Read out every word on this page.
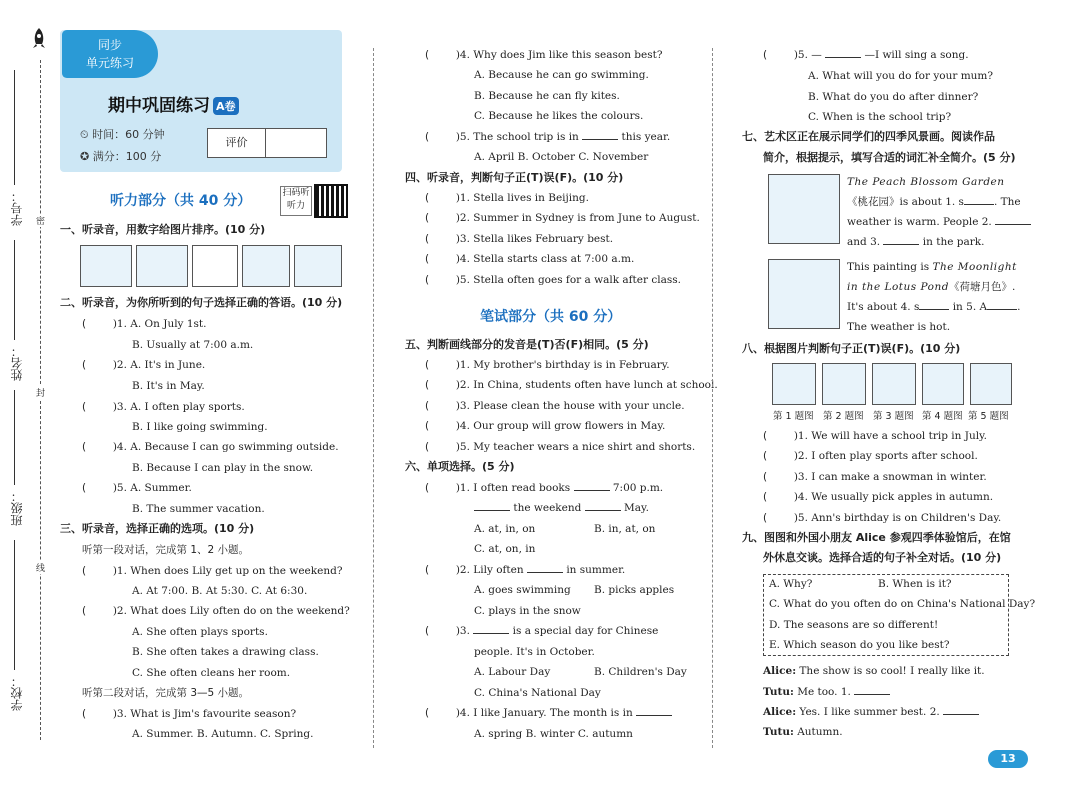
学号：
姓名：
班级：
学校：
密
封
线
同步
单元练习
期中巩固练习 A卷
⏲ 时间：60 分钟
✪ 满分：100 分
评价
听力部分（共 40 分）	扫码听听力
一、听录音，用数字给图片排序。(10 分)
二、听录音，为你所听到的句子选择正确的答语。(10 分)
(        )1. A. On July 1st.
B. Usually at 7:00 a.m.
(        )2. A. It's in June.
B. It's in May.
(        )3. A. I often play sports.
B. I like going swimming.
(        )4. A. Because I can go swimming outside.
B. Because I can play in the snow.
(        )5. A. Summer.
B. The summer vacation.
三、听录音，选择正确的选项。(10 分)
听第一段对话，完成第 1、2 小题。
(        )1. When does Lily get up on the weekend?
A. At 7:00. B. At 5:30. C. At 6:30.
(        )2. What does Lily often do on the weekend?
A. She often plays sports.
B. She often takes a drawing class.
C. She often cleans her room.
听第二段对话，完成第 3—5 小题。
(        )3. What is Jim's favourite season?
A. Summer. B. Autumn. C. Spring.
(        )4. Why does Jim like this season best?
A. Because he can go swimming.
B. Because he can fly kites.
C. Because he likes the colours.
(        )5. The school trip is in	this year.
A. April B. October C. November
四、听录音，判断句子正(T)误(F)。(10 分)
(        )1. Stella lives in Beijing.
(        )2. Summer in Sydney is from June to August.
(        )3. Stella likes February best.
(        )4. Stella starts class at 7:00 a.m.
(        )5. Stella often goes for a walk after class.
笔试部分（共 60 分）
五、判断画线部分的发音是(T)否(F)相同。(5 分)
(        )1. My brother's birthday is in February.
(        )2. In China, students often have lunch at school.
(        )3. Please clean the house with your uncle.
(        )4. Our group will grow flowers in May.
(        )5. My teacher wears a nice shirt and shorts.
六、单项选择。(5 分)
(        )1. I often read books	7:00 p.m.
the weekend	May.
A. at, in, on	B. in, at, on
C. at, on, in
(        )2. Lily often	in summer.
A. goes swimming B. picks apples
C. plays in the snow
(        )3.	is a special day for Chinese
people. It's in October.
A. Labour Day	B. Children's Day
C. China's National Day
(        )4. I like January. The month is in
A. spring B. winter C. autumn
(        )5. —	—I will sing a song.
A. What will you do for your mum?
B. What do you do after dinner?
C. When is the school trip?
七、艺术区正在展示同学们的四季风景画。阅读作品
简介，根据提示，填写合适的词汇补全简介。(5 分)
The Peach Blossom Garden
《桃花园》is about 1. s	. The
weather is warm. People 2.
and 3.	in the park.
This painting is The Moonlight
in the Lotus Pond《荷塘月色》.
It's about 4. s	in 5. A	.
The weather is hot.
八、根据图片判断句子正(T)误(F)。(10 分)
第 1 题图 第 2 题图 第 3 题图 第 4 题图 第 5 题图
(        )1. We will have a school trip in July.
(        )2. I often play sports after school.
(        )3. I can make a snowman in winter.
(        )4. We usually pick apples in autumn.
(        )5. Ann's birthday is on Children's Day.
九、图图和外国小朋友 Alice 参观四季体验馆后，在馆
外休息交谈。选择合适的句子补全对话。(10 分)
A. Why?	B. When is it?
C. What do you often do on China's National Day?
D. The seasons are so different!
E. Which season do you like best?
Alice: The show is so cool! I really like it.
Tutu: Me too. 1.
Alice: Yes. I like summer best. 2.
Tutu: Autumn.
13
